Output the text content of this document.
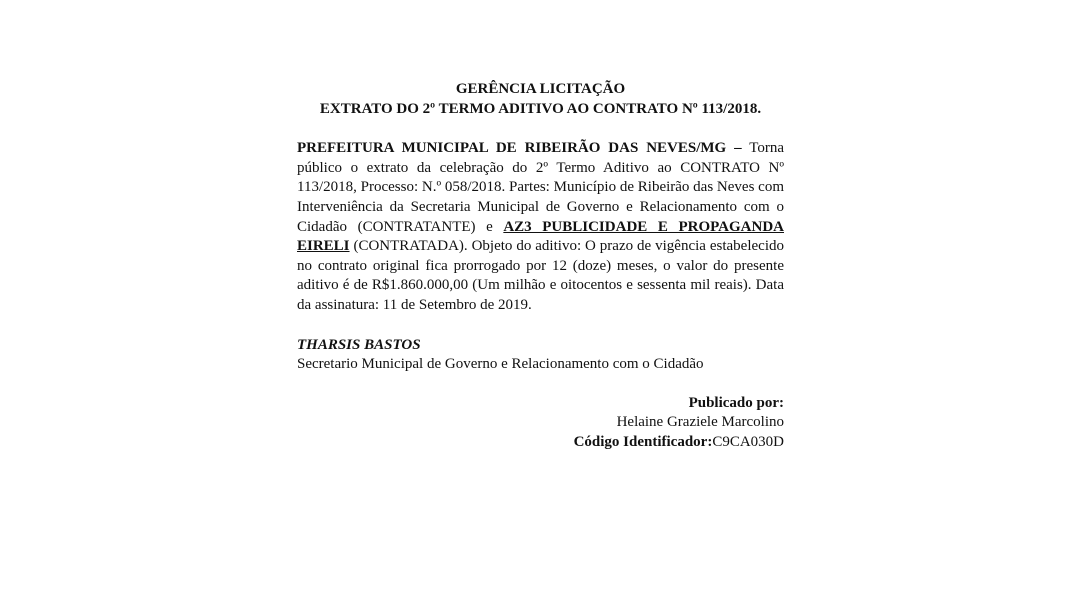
GERÊNCIA LICITAÇÃO
EXTRATO DO 2º TERMO ADITIVO AO CONTRATO Nº 113/2018.

PREFEITURA MUNICIPAL DE RIBEIRÃO DAS NEVES/MG – Torna público o extrato da celebração do 2º Termo Aditivo ao CONTRATO Nº 113/2018, Processo: N.º 058/2018. Partes: Município de Ribeirão das Neves com Interveniência da Secretaria Municipal de Governo e Relacionamento com o Cidadão (CONTRATANTE) e AZ3 PUBLICIDADE E PROPAGANDA EIRELI (CONTRATADA). Objeto do aditivo: O prazo de vigência estabelecido no contrato original fica prorrogado por 12 (doze) meses, o valor do presente aditivo é de R$1.860.000,00 (Um milhão e oitocentos e sessenta mil reais). Data da assinatura: 11 de Setembro de 2019.

THARSIS BASTOS
Secretario Municipal de Governo e Relacionamento com o Cidadão
Publicado por:
Helaine Graziele Marcolino
Código Identificador:C9CA030D
